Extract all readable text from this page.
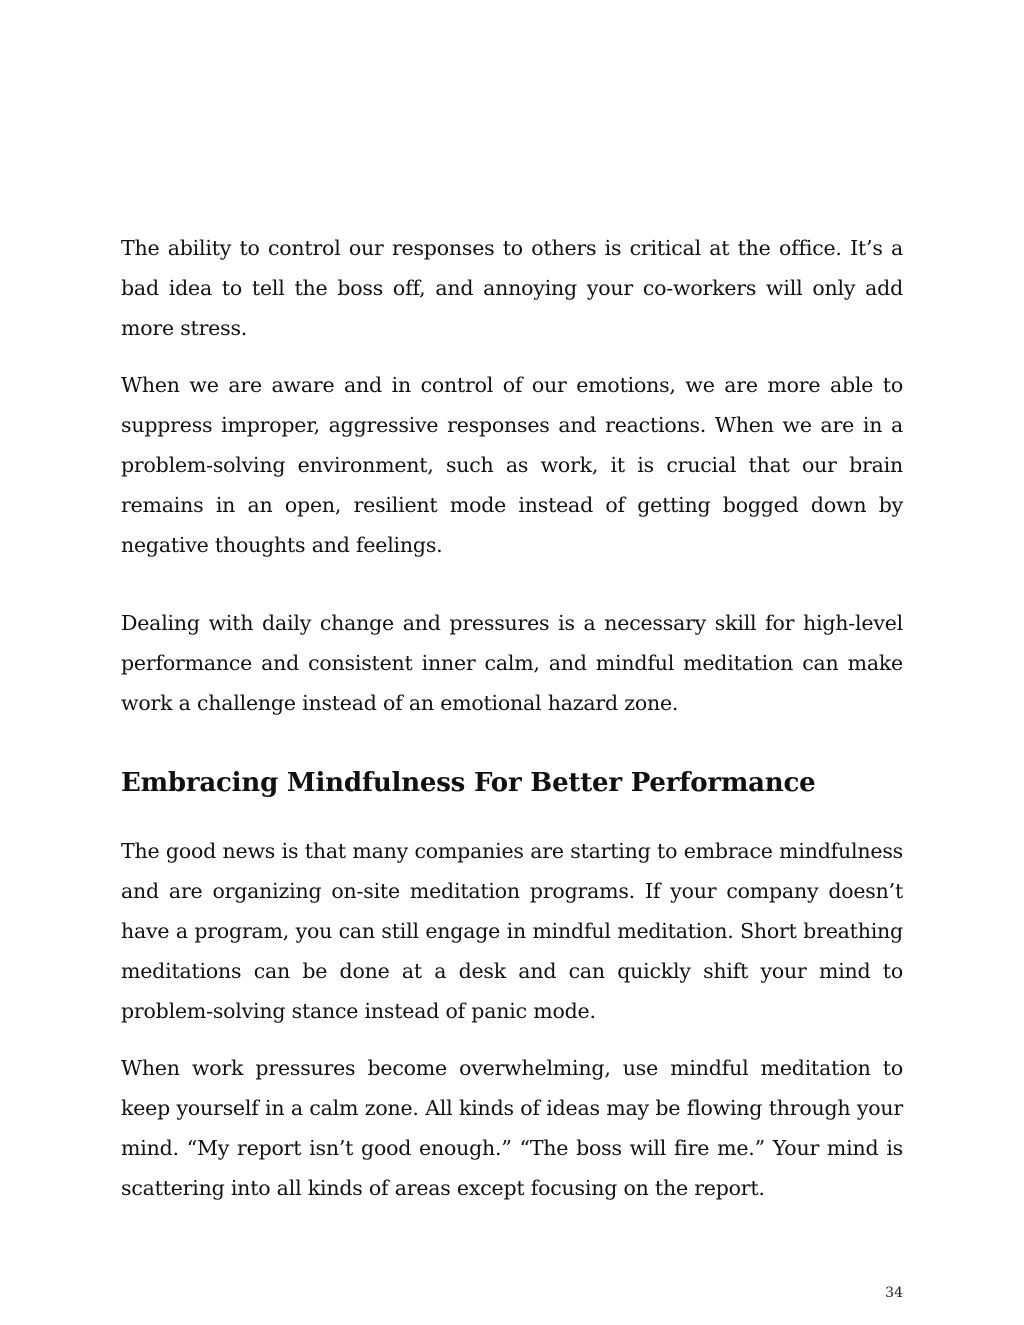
The ability to control our responses to others is critical at the office. It’s a bad idea to tell the boss off, and annoying your co-workers will only add more stress.

When we are aware and in control of our emotions, we are more able to suppress improper, aggressive responses and reactions. When we are in a problem-solving environment, such as work, it is crucial that our brain remains in an open, resilient mode instead of getting bogged down by negative thoughts and feelings.

Dealing with daily change and pressures is a necessary skill for high-level performance and consistent inner calm, and mindful meditation can make work a challenge instead of an emotional hazard zone.

Embracing Mindfulness For Better Performance

The good news is that many companies are starting to embrace mindfulness and are organizing on-site meditation programs. If your company doesn’t have a program, you can still engage in mindful meditation. Short breathing meditations can be done at a desk and can quickly shift your mind to problem-solving stance instead of panic mode.

When work pressures become overwhelming, use mindful meditation to keep yourself in a calm zone. All kinds of ideas may be flowing through your mind. “My report isn’t good enough.” “The boss will fire me.” Your mind is scattering into all kinds of areas except focusing on the report.

34
